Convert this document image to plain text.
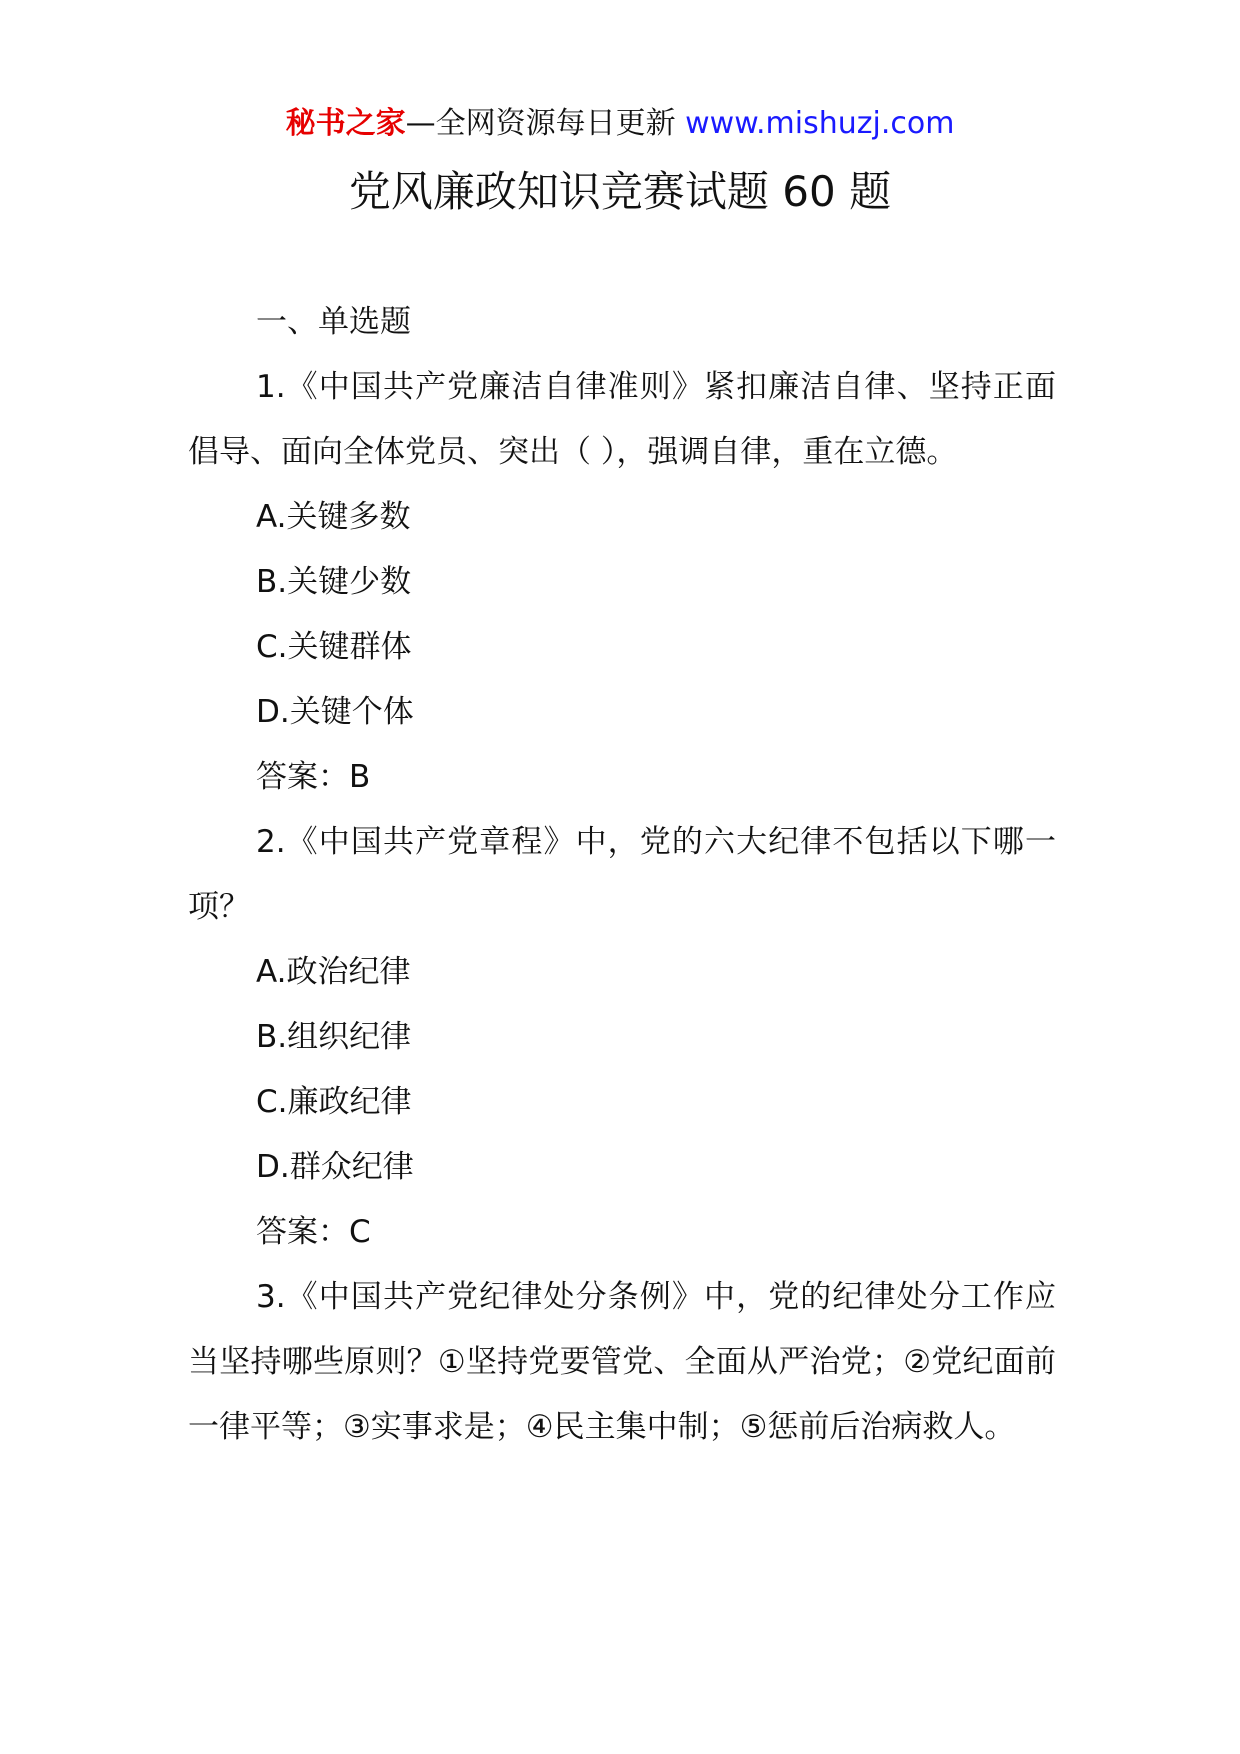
秘书之家—全网资源每日更新 www.mishuzj.com
党风廉政知识竞赛试题 60 题

一、单选题

1.《中国共产党廉洁自律准则》紧扣廉洁自律、坚持正面倡导、面向全体党员、突出（ ），强调自律，重在立德。

A.关键多数

B.关键少数

C.关键群体

D.关键个体

答案：B

2.《中国共产党章程》中，党的六大纪律不包括以下哪一项？

A.政治纪律

B.组织纪律

C.廉政纪律

D.群众纪律

答案：C

3.《中国共产党纪律处分条例》中，党的纪律处分工作应当坚持哪些原则？①坚持党要管党、全面从严治党；②党纪面前一律平等；③实事求是；④民主集中制；⑤惩前后治病救人。
